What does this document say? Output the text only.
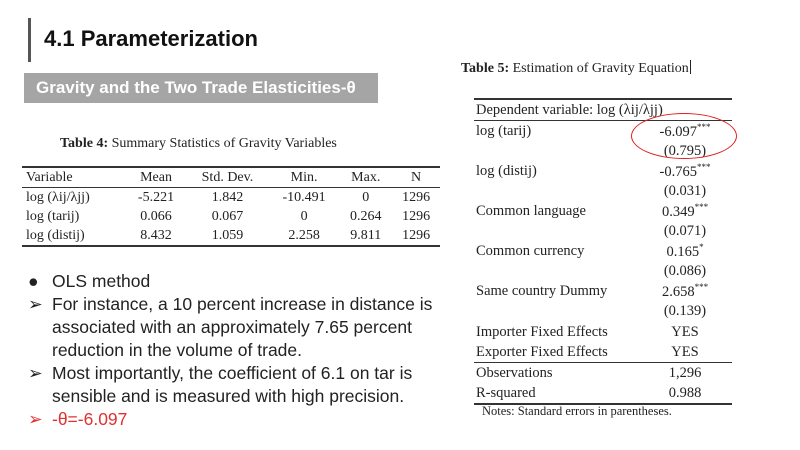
4.1 Parameterization
Gravity and the Two Trade Elasticities-θ
Table 4: Summary Statistics of Gravity Variables
Variable	Mean	Std. Dev.	Min.	Max.	N
log (λij/λjj)	-5.221	1.842	-10.491	0	1296
log (tarij)	0.066	0.067	0	0.264	1296
log (distij)	8.432	1.059	2.258	9.811	1296

● OLS method

➢ For instance, a 10 percent increase in distance is associated with an approximately 7.65 percent reduction in the volume of trade.

➢ Most importantly, the coefficient of 6.1 on tar is sensible and is measured with high precision.

➢ -θ=-6.097

Table 5: Estimation of Gravity Equation
Dependent variable: log (λij/λjj)	
log (tarij)	-6.097***
	(0.795)
log (distij)	-0.765***
	(0.031)
Common language	0.349***
	(0.071)
Common currency	0.165*
	(0.086)
Same country Dummy	2.658***
	(0.139)
Importer Fixed Effects	YES
Exporter Fixed Effects	YES
Observations	1,296
R-squared	0.988
Notes: Standard errors in parentheses.
